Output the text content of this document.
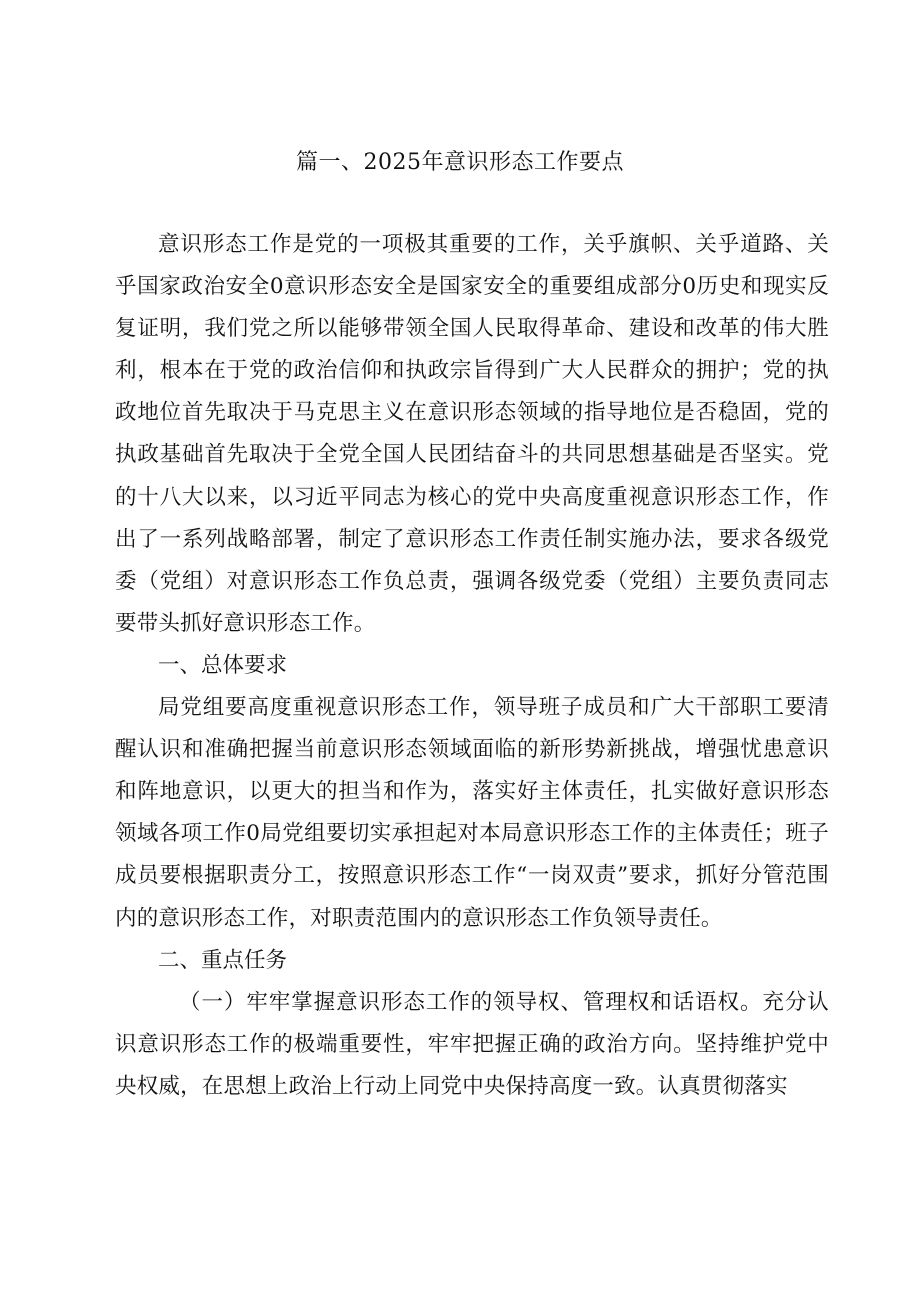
篇一、2025年意识形态工作要点

意识形态工作是党的一项极其重要的工作，关乎旗帜、关乎道路、关乎国家政治安全0意识形态安全是国家安全的重要组成部分0历史和现实反复证明，我们党之所以能够带领全国人民取得革命、建设和改革的伟大胜利，根本在于党的政治信仰和执政宗旨得到广大人民群众的拥护；党的执政地位首先取决于马克思主义在意识形态领域的指导地位是否稳固，党的执政基础首先取决于全党全国人民团结奋斗的共同思想基础是否坚实。党的十八大以来，以习近平同志为核心的党中央高度重视意识形态工作，作出了一系列战略部署，制定了意识形态工作责任制实施办法，要求各级党委（党组）对意识形态工作负总责，强调各级党委（党组）主要负责同志要带头抓好意识形态工作。

一、总体要求

局党组要高度重视意识形态工作，领导班子成员和广大干部职工要清醒认识和准确把握当前意识形态领域面临的新形势新挑战，增强忧患意识和阵地意识，以更大的担当和作为，落实好主体责任，扎实做好意识形态领域各项工作0局党组要切实承担起对本局意识形态工作的主体责任；班子成员要根据职责分工，按照意识形态工作“一岗双责”要求，抓好分管范围内的意识形态工作，对职责范围内的意识形态工作负领导责任。

二、重点任务

（一）牢牢掌握意识形态工作的领导权、管理权和话语权。充分认识意识形态工作的极端重要性，牢牢把握正确的政治方向。坚持维护党中央权威，在思想上政治上行动上同党中央保持高度一致。认真贯彻落实
